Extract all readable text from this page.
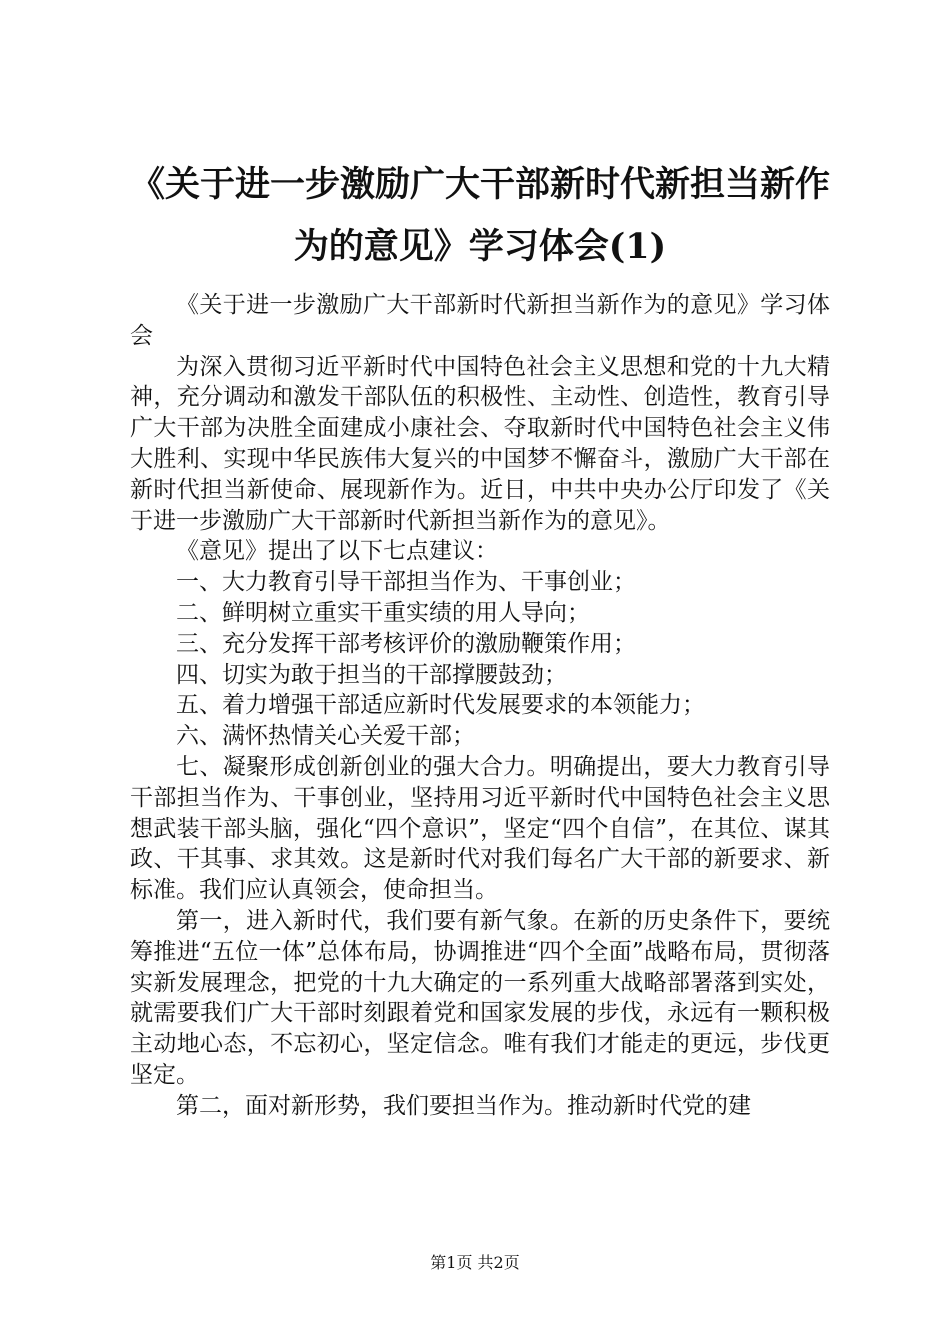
《关于进一步激励广大干部新时代新担当新作
为的意见》学习体会(1)

《关于进一步激励广大干部新时代新担当新作为的意见》学习体会

为深入贯彻习近平新时代中国特色社会主义思想和党的十九大精神，充分调动和激发干部队伍的积极性、主动性、创造性，教育引导广大干部为决胜全面建成小康社会、夺取新时代中国特色社会主义伟大胜利、实现中华民族伟大复兴的中国梦不懈奋斗，激励广大干部在新时代担当新使命、展现新作为。近日，中共中央办公厅印发了《关于进一步激励广大干部新时代新担当新作为的意见》。

《意见》提出了以下七点建议：

一、大力教育引导干部担当作为、干事创业；

二、鲜明树立重实干重实绩的用人导向；

三、充分发挥干部考核评价的激励鞭策作用；

四、切实为敢于担当的干部撑腰鼓劲；

五、着力增强干部适应新时代发展要求的本领能力；

六、满怀热情关心关爱干部；

七、凝聚形成创新创业的强大合力。明确提出，要大力教育引导干部担当作为、干事创业，坚持用习近平新时代中国特色社会主义思想武装干部头脑，强化“四个意识”，坚定“四个自信”，在其位、谋其政、干其事、求其效。这是新时代对我们每名广大干部的新要求、新标准。我们应认真领会，使命担当。

第一，进入新时代，我们要有新气象。在新的历史条件下，要统筹推进“五位一体”总体布局，协调推进“四个全面”战略布局，贯彻落实新发展理念，把党的十九大确定的一系列重大战略部署落到实处，就需要我们广大干部时刻跟着党和国家发展的步伐，永远有一颗积极主动地心态，不忘初心，坚定信念。唯有我们才能走的更远，步伐更坚定。

第二，面对新形势，我们要担当作为。推动新时代党的建

第1页 共2页
